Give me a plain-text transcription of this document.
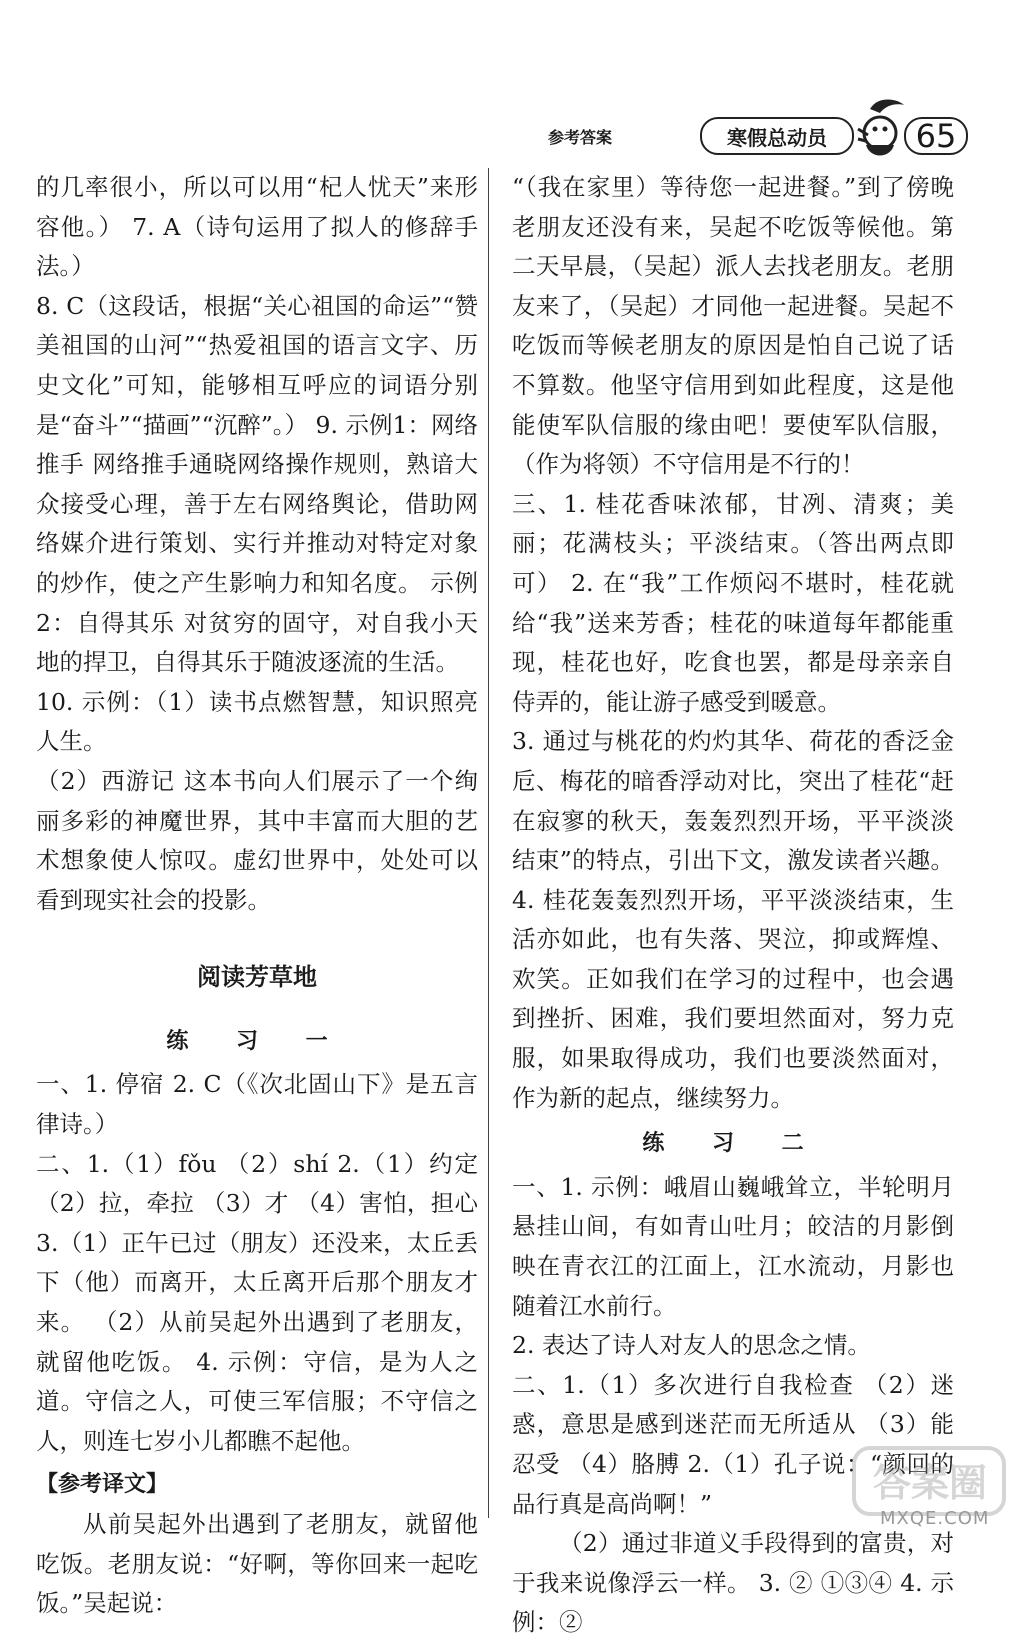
参考答案	寒假总动员	65

的几率很小，所以可以用“杞人忧天”来形容他。） 7. A（诗句运用了拟人的修辞手法。）

8. C（这段话，根据“关心祖国的命运”“赞美祖国的山河”“热爱祖国的语言文字、历史文化”可知，能够相互呼应的词语分别是“奋斗”“描画”“沉醉”。） 9. 示例1：网络推手 网络推手通晓网络操作规则，熟谙大众接受心理，善于左右网络舆论，借助网络媒介进行策划、实行并推动对特定对象的炒作，使之产生影响力和知名度。 示例2：自得其乐 对贫穷的固守，对自我小天地的捍卫，自得其乐于随波逐流的生活。

10. 示例：（1）读书点燃智慧，知识照亮人生。

（2）西游记 这本书向人们展示了一个绚丽多彩的神魔世界，其中丰富而大胆的艺术想象使人惊叹。虚幻世界中，处处可以看到现实社会的投影。

阅读芳草地
练 习 一

一、1. 停宿 2. C（《次北固山下》是五言律诗。）

二、1.（1）fǒu （2）shí 2.（1）约定 （2）拉，牵拉 （3）才 （4）害怕，担心 3.（1）正午已过（朋友）还没来，太丘丢下（他）而离开，太丘离开后那个朋友才来。 （2）从前吴起外出遇到了老朋友，就留他吃饭。 4. 示例：守信，是为人之道。守信之人，可使三军信服；不守信之人，则连七岁小儿都瞧不起他。

【参考译文】

从前吴起外出遇到了老朋友，就留他吃饭。老朋友说：“好啊，等你回来一起吃饭。”吴起说：

“（我在家里）等待您一起进餐。”到了傍晚老朋友还没有来，吴起不吃饭等候他。第二天早晨，（吴起）派人去找老朋友。老朋友来了，（吴起）才同他一起进餐。吴起不吃饭而等候老朋友的原因是怕自己说了话不算数。他坚守信用到如此程度，这是他能使军队信服的缘由吧！要使军队信服，（作为将领）不守信用是不行的！

三、1. 桂花香味浓郁，甘冽、清爽；美丽；花满枝头；平淡结束。（答出两点即可） 2. 在“我”工作烦闷不堪时，桂花就给“我”送来芳香；桂花的味道每年都能重现，桂花也好，吃食也罢，都是母亲亲自侍弄的，能让游子感受到暖意。

3. 通过与桃花的灼灼其华、荷花的香泛金卮、梅花的暗香浮动对比，突出了桂花“赶在寂寥的秋天，轰轰烈烈开场，平平淡淡结束”的特点，引出下文，激发读者兴趣。 4. 桂花轰轰烈烈开场，平平淡淡结束，生活亦如此，也有失落、哭泣，抑或辉煌、欢笑。正如我们在学习的过程中，也会遇到挫折、困难，我们要坦然面对，努力克服，如果取得成功，我们也要淡然面对，作为新的起点，继续努力。

练 习 二

一、1. 示例：峨眉山巍峨耸立，半轮明月悬挂山间，有如青山吐月；皎洁的月影倒映在青衣江的江面上，江水流动，月影也随着江水前行。

2. 表达了诗人对友人的思念之情。

二、1.（1）多次进行自我检查 （2）迷惑，意思是感到迷茫而无所适从 （3）能忍受 （4）胳膊 2.（1）孔子说：“颜回的品行真是高尚啊！”

（2）通过非道义手段得到的富贵，对于我来说像浮云一样。 3. ② ①③④ 4. 示例：②

答案圈
MXQE.COM
